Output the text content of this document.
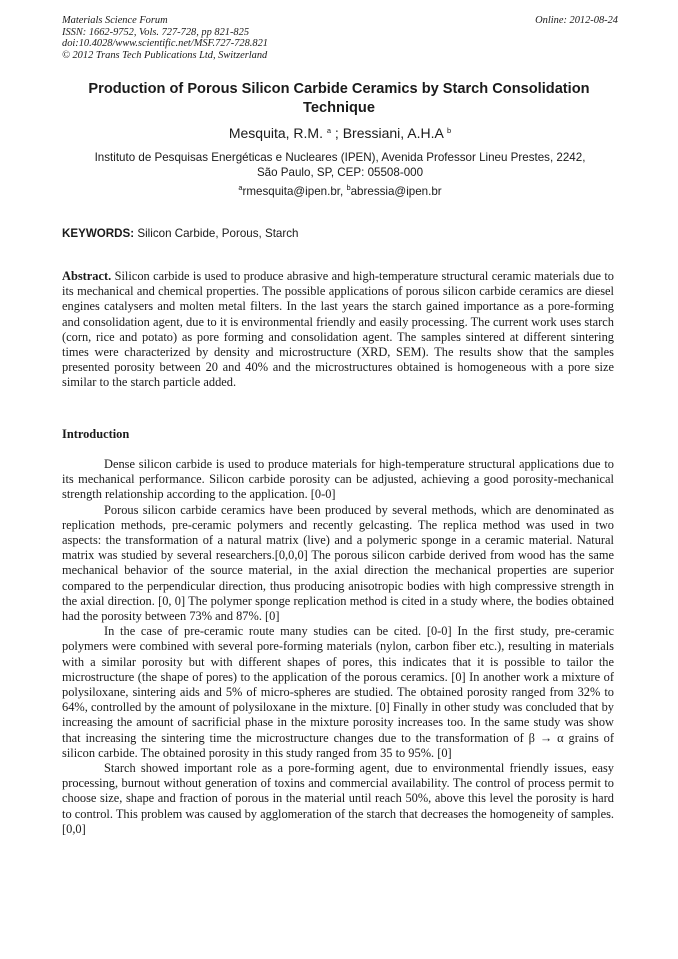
Materials Science Forum
ISSN: 1662-9752, Vols. 727-728, pp 821-825
doi:10.4028/www.scientific.net/MSF.727-728.821
© 2012 Trans Tech Publications Ltd, Switzerland
Online: 2012-08-24
Production of Porous Silicon Carbide Ceramics by Starch Consolidation Technique
Mesquita, R.M. $^a$ ; Bressiani, A.H.A $^b$
Instituto de Pesquisas Energéticas e Nucleares (IPEN), Avenida Professor Lineu Prestes, 2242,
São Paulo, SP, CEP: 05508-000
$^a$rmesquita@ipen.br, $^b$abressia@ipen.br
KEYWORDS: Silicon Carbide, Porous, Starch
Abstract. Silicon carbide is used to produce abrasive and high-temperature structural ceramic materials due to its mechanical and chemical properties. The possible applications of porous silicon carbide ceramics are diesel engines catalysers and molten metal filters. In the last years the starch gained importance as a pore-forming and consolidation agent, due to it is environmental friendly and easily processing. The current work uses starch (corn, rice and potato) as pore forming and consolidation agent. The samples sintered at different sintering times were characterized by density and microstructure (XRD, SEM). The results show that the samples presented porosity between 20 and 40% and the microstructures obtained is homogeneous with a pore size similar to the starch particle added.
Introduction

Dense silicon carbide is used to produce materials for high-temperature structural applications due to its mechanical performance. Silicon carbide porosity can be adjusted, achieving a good porosity-mechanical strength relationship according to the application. [0-0]

Porous silicon carbide ceramics have been produced by several methods, which are denominated as replication methods, pre-ceramic polymers and recently gelcasting. The replica method was used in two aspects: the transformation of a natural matrix (live) and a polymeric sponge in a ceramic material. Natural matrix was studied by several researchers.[0,0,0] The porous silicon carbide derived from wood has the same mechanical behavior of the source material, in the axial direction the mechanical properties are superior compared to the perpendicular direction, thus producing anisotropic bodies with high compressive strength in the axial direction. [0, 0] The polymer sponge replication method is cited in a study where, the bodies obtained had the porosity between 73% and 87%. [0]

In the case of pre-ceramic route many studies can be cited. [0-0] In the first study, pre-ceramic polymers were combined with several pore-forming materials (nylon, carbon fiber etc.), resulting in materials with a similar porosity but with different shapes of pores, this indicates that it is possible to tailor the microstructure (the shape of pores) to the application of the porous ceramics. [0] In another work a mixture of polysiloxane, sintering aids and 5% of micro-spheres are studied. The obtained porosity ranged from 32% to 64%, controlled by the amount of polysiloxane in the mixture. [0] Finally in other study was concluded that by increasing the amount of sacrificial phase in the mixture porosity increases too. In the same study was show that increasing the sintering time the microstructure changes due to the transformation of β → α grains of silicon carbide. The obtained porosity in this study ranged from 35 to 95%. [0]

Starch showed important role as a pore-forming agent, due to environmental friendly issues, easy processing, burnout without generation of toxins and commercial availability. The control of process permit to choose size, shape and fraction of porous in the material until reach 50%, above this level the porosity is hard to control. This problem was caused by agglomeration of the starch that decreases the homogeneity of samples. [0,0]
